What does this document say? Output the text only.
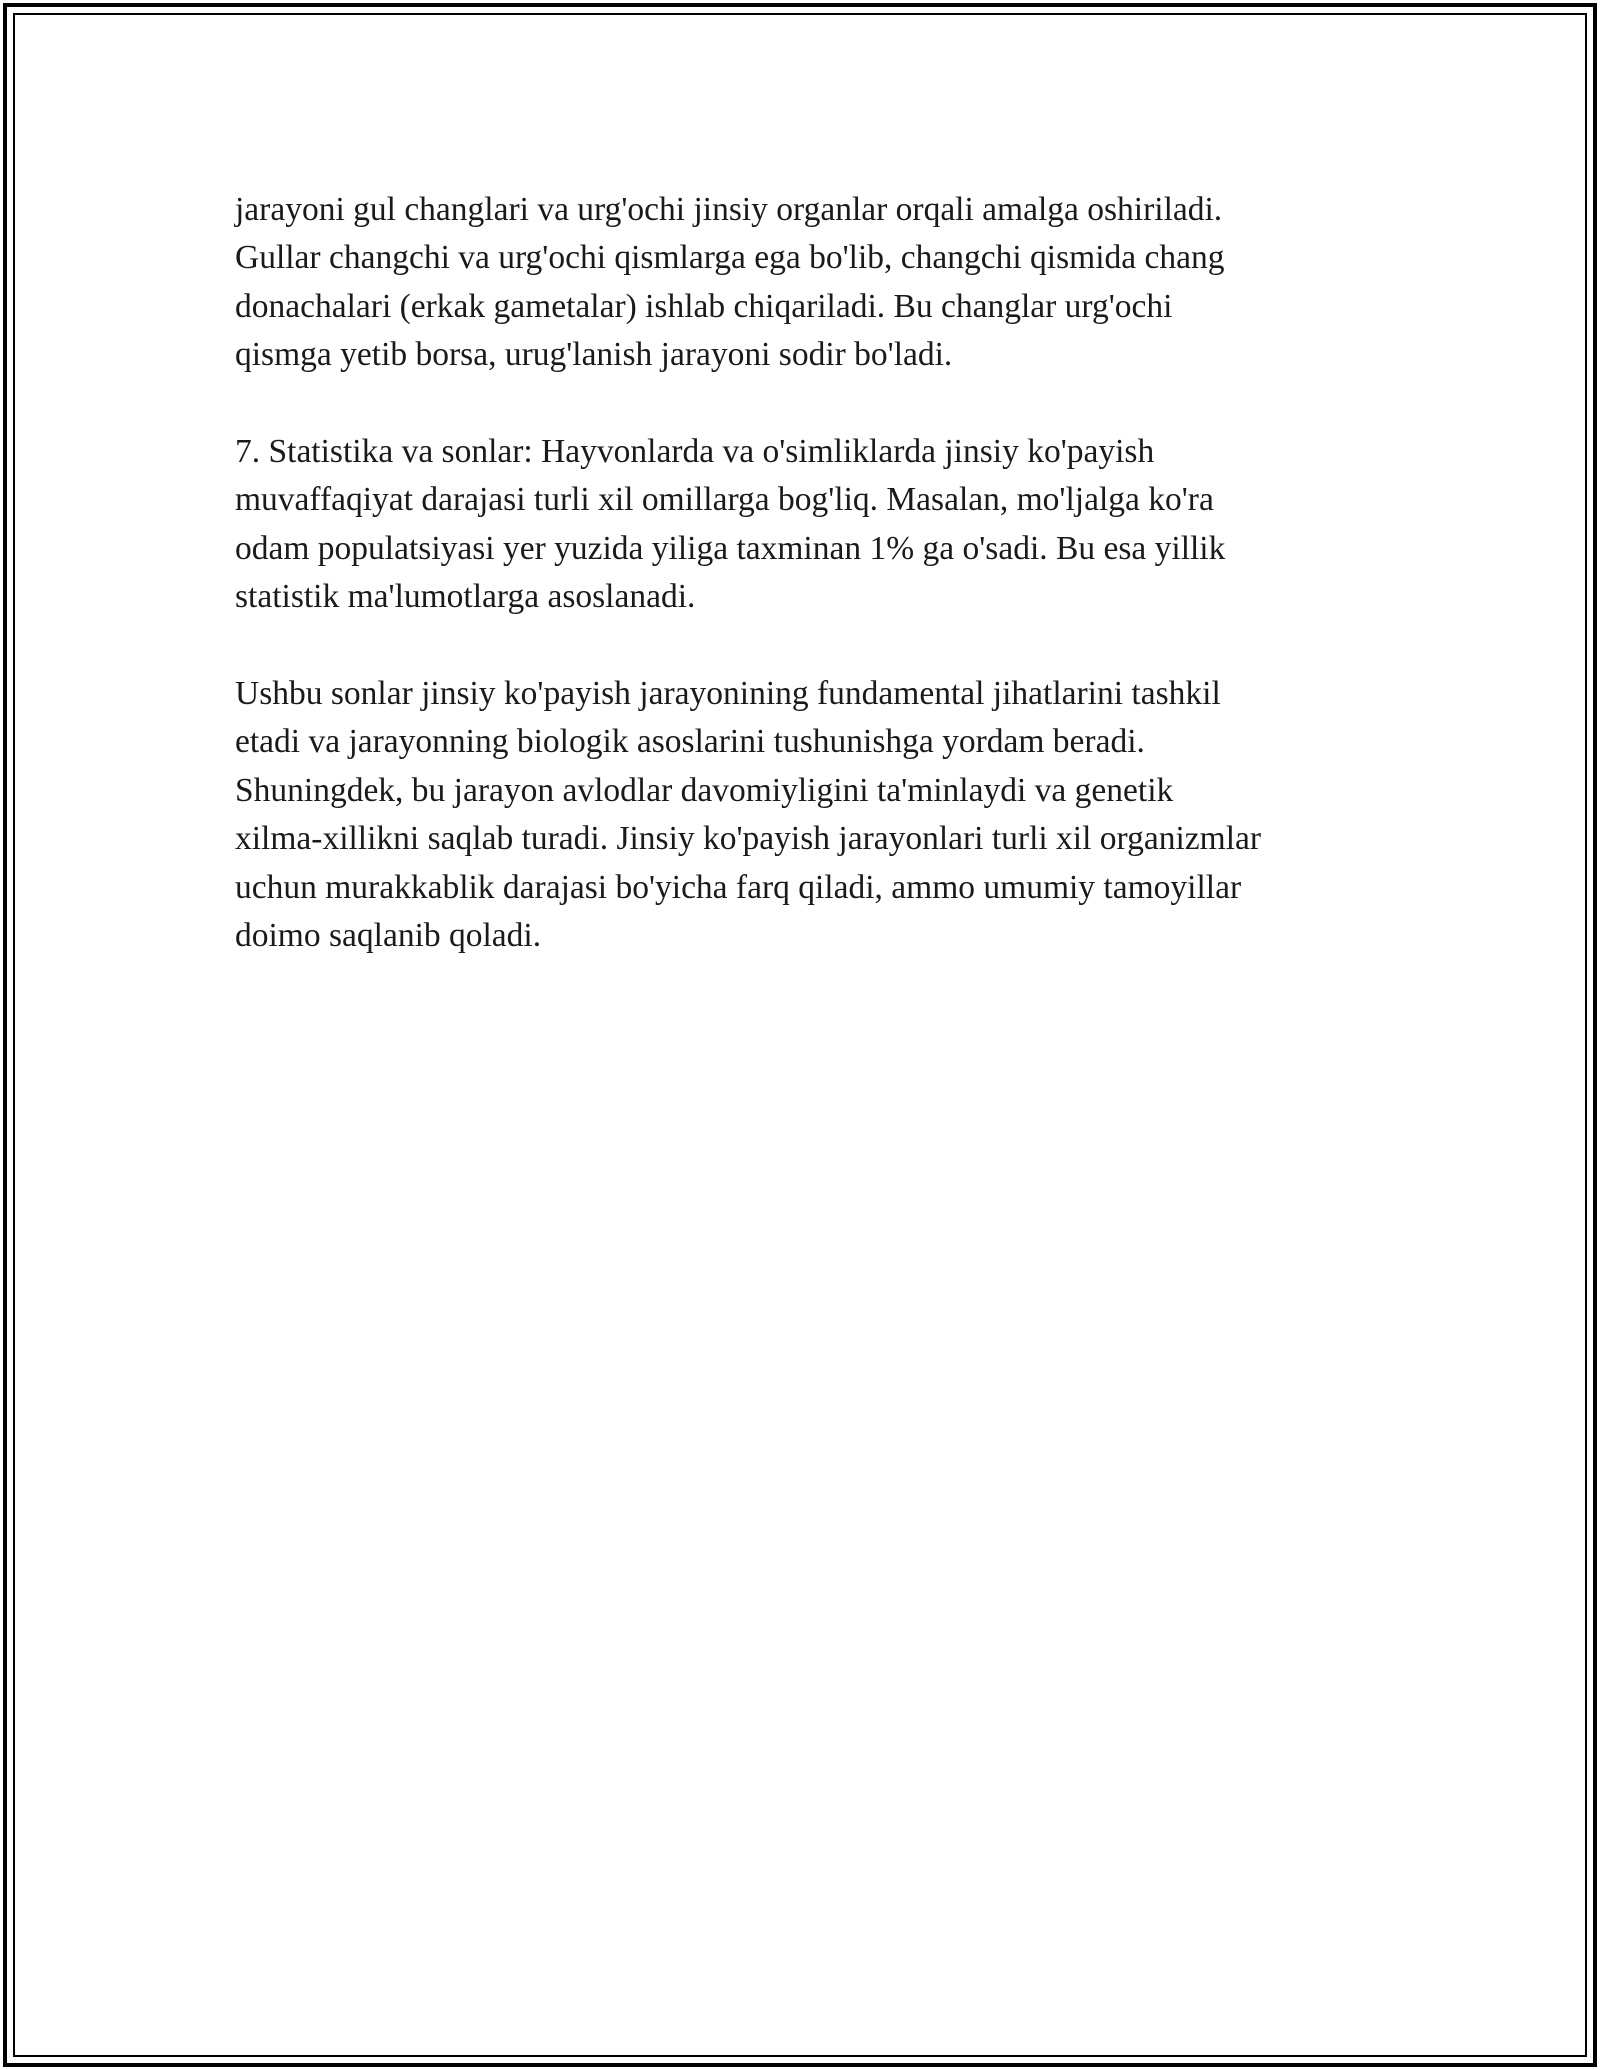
jarayoni gul changlari va urg'ochi jinsiy organlar orqali amalga oshiriladi.
Gullar changchi va urg'ochi qismlarga ega bo'lib, changchi qismida chang
donachalari (erkak gametalar) ishlab chiqariladi. Bu changlar urg'ochi
qismga yetib borsa, urug'lanish jarayoni sodir bo'ladi.

7. Statistika va sonlar: Hayvonlarda va o'simliklarda jinsiy ko'payish
muvaffaqiyat darajasi turli xil omillarga bog'liq. Masalan, mo'ljalga ko'ra
odam populatsiyasi yer yuzida yiliga taxminan 1% ga o'sadi. Bu esa yillik
statistik ma'lumotlarga asoslanadi.

Ushbu sonlar jinsiy ko'payish jarayonining fundamental jihatlarini tashkil
etadi va jarayonning biologik asoslarini tushunishga yordam beradi.
Shuningdek, bu jarayon avlodlar davomiyligini ta'minlaydi va genetik
xilma-xillikni saqlab turadi. Jinsiy ko'payish jarayonlari turli xil organizmlar
uchun murakkablik darajasi bo'yicha farq qiladi, ammo umumiy tamoyillar
doimo saqlanib qoladi.
